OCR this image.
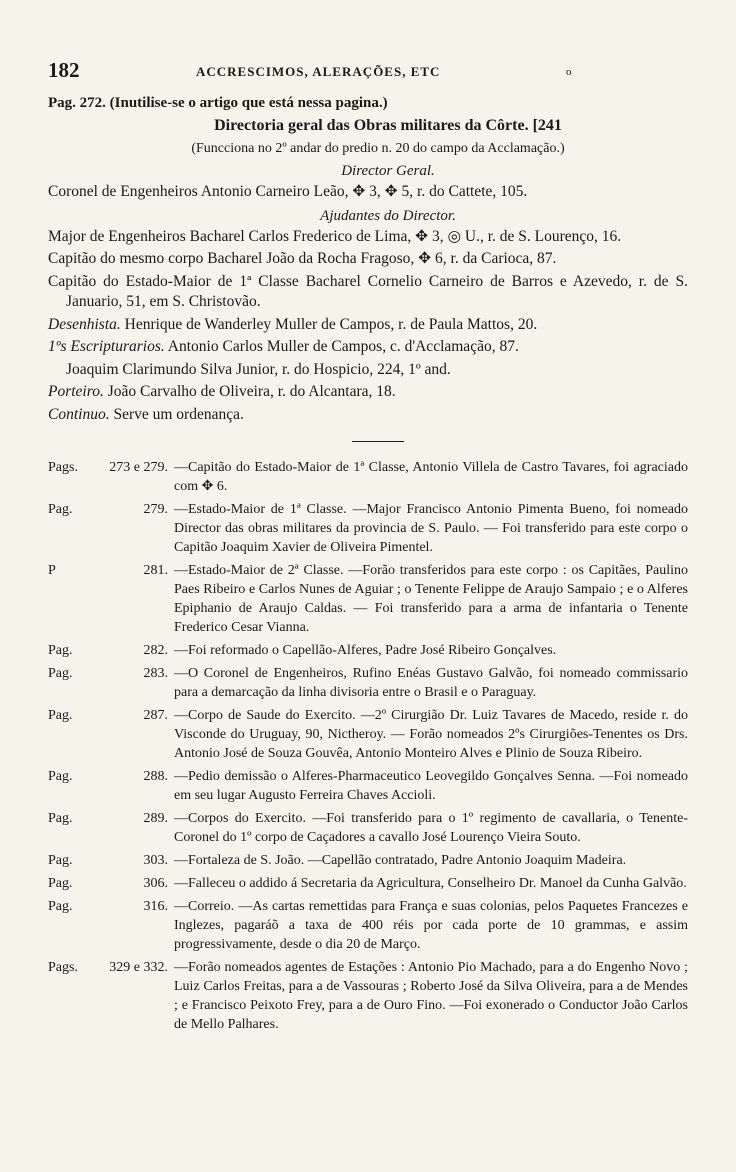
182	ACCRESCIMOS, ALERAÇÕES, ETC	o

Pag. 272. (Inutilise-se o artigo que está nessa pagina.)

Directoria geral das Obras militares da Côrte. [241

(Funcciona no 2º andar do predio n. 20 do campo da Acclamação.)

Director Geral.

Coronel de Engenheiros Antonio Carneiro Leão, ✥ 3, ✥ 5, r. do Cattete, 105.

Ajudantes do Director.

Major de Engenheiros Bacharel Carlos Frederico de Lima, ✥ 3, ◎ U., r. de S. Lourenço, 16.

Capitão do mesmo corpo Bacharel João da Rocha Fragoso, ✥ 6, r. da Carioca, 87.

Capitão do Estado-Maior de 1ª Classe Bacharel Cornelio Carneiro de Barros e Azevedo, r. de S. Januario, 51, em S. Christovão.

Desenhista. Henrique de Wanderley Muller de Campos, r. de Paula Mattos, 20.

1ºs Escripturarios. Antonio Carlos Muller de Campos, c. d'Acclamação, 87.

Joaquim Clarimundo Silva Junior, r. do Hospicio, 224, 1º and.

Porteiro. João Carvalho de Oliveira, r. do Alcantara, 18.

Continuo. Serve um ordenança.

Pags.	273 e 279. —Capitão do Estado-Maior de 1ª Classe, Antonio Villela de Castro Tavares, foi agraciado com ✥ 6.
Pag.	279. —Estado-Maior de 1ª Classe. —Major Francisco Antonio Pimenta Bueno, foi nomeado Director das obras militares da provincia de S. Paulo. — Foi transferido para este corpo o Capitão Joaquim Xavier de Oliveira Pimentel.
P	281. —Estado-Maior de 2ª Classe. —Forão transferidos para este corpo : os Capitães, Paulino Paes Ribeiro e Carlos Nunes de Aguiar ; o Tenente Felippe de Araujo Sampaio ; e o Alferes Epiphanio de Araujo Caldas. — Foi transferido para a arma de infantaria o Tenente Frederico Cesar Vianna.
Pag.	282. —Foi reformado o Capellão-Alferes, Padre José Ribeiro Gonçalves.
Pag.	283. —O Coronel de Engenheiros, Rufino Enéas Gustavo Galvão, foi nomeado commissario para a demarcação da linha divisoria entre o Brasil e o Paraguay.
Pag.	287. —Corpo de Saude do Exercito. —2º Cirurgião Dr. Luiz Tavares de Macedo, reside r. do Visconde do Uruguay, 90, Nictheroy. — Forão nomeados 2ºs Cirurgiões-Tenentes os Drs. Antonio José de Souza Gouvêa, Antonio Monteiro Alves e Plinio de Souza Ribeiro.
Pag.	288. —Pedio demissão o Alferes-Pharmaceutico Leovegildo Gonçalves Senna. —Foi nomeado em seu lugar Augusto Ferreira Chaves Accioli.
Pag.	289. —Corpos do Exercito. —Foi transferido para o 1º regimento de cavallaria, o Tenente-Coronel do 1º corpo de Caçadores a cavallo José Lourenço Vieira Souto.
Pag.	303. —Fortaleza de S. João. —Capellão contratado, Padre Antonio Joaquim Madeira.
Pag.	306. —Falleceu o addido á Secretaria da Agricultura, Conselheiro Dr. Manoel da Cunha Galvão.
Pag.	316. —Correio. —As cartas remettidas para França e suas colonias, pelos Paquetes Francezes e Inglezes, pagaráõ a taxa de 400 réis por cada porte de 10 grammas, e assim progressivamente, desde o dia 20 de Março.
Pags.	329 e 332. —Forão nomeados agentes de Estações : Antonio Pio Machado, para a do Engenho Novo ; Luiz Carlos Freitas, para a de Vassouras ; Roberto José da Silva Oliveira, para a de Mendes ; e Francisco Peixoto Frey, para a de Ouro Fino. —Foi exonerado o Conductor João Carlos de Mello Palhares.
